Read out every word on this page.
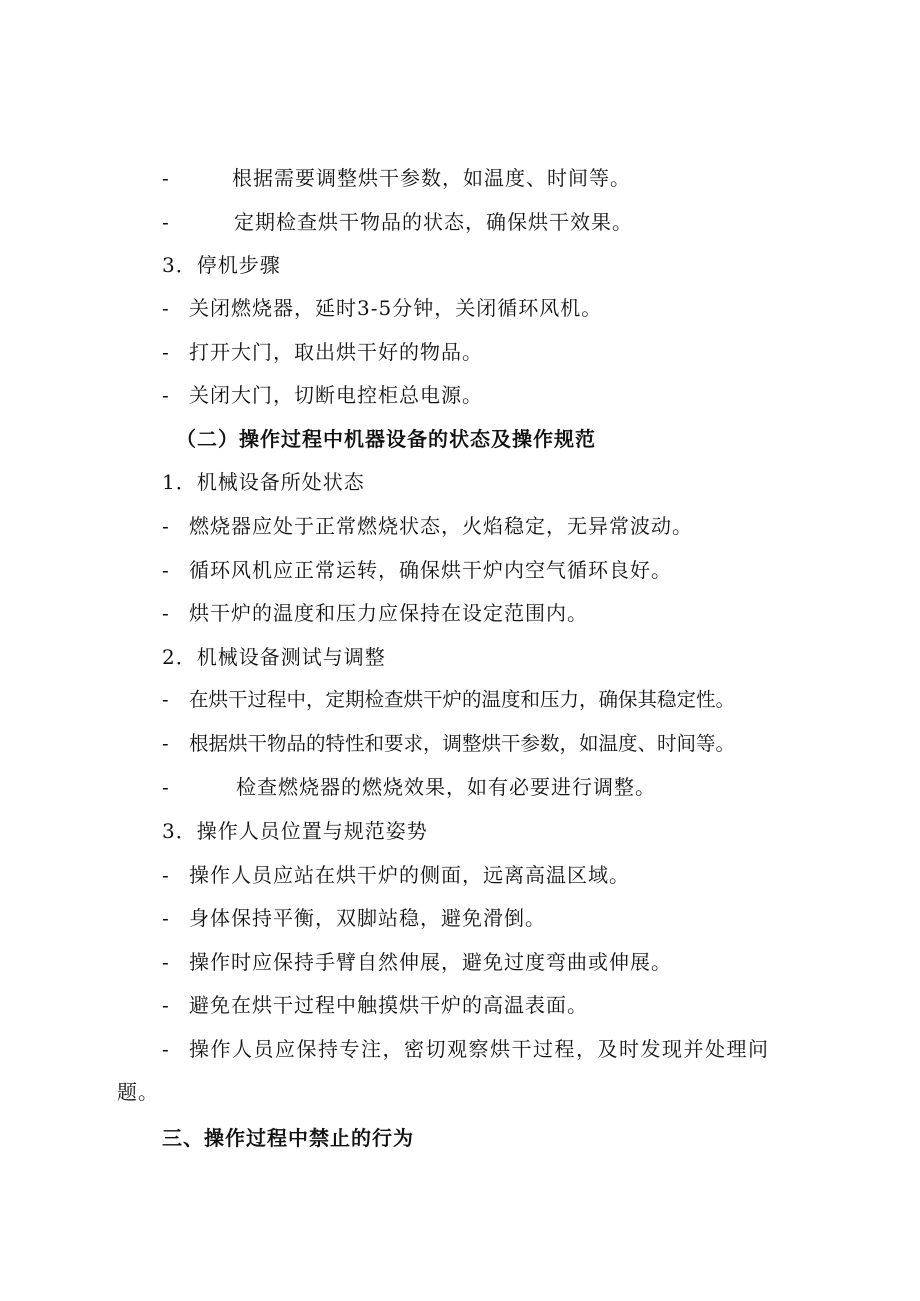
-	根据需要调整烘干参数，如温度、时间等。
-	定期检查烘干物品的状态，确保烘干效果。
3．停机步骤
- 关闭燃烧器，延时3-5分钟，关闭循环风机。
- 打开大门，取出烘干好的物品。
- 关闭大门，切断电控柜总电源。
（二）操作过程中机器设备的状态及操作规范
1．机械设备所处状态
- 燃烧器应处于正常燃烧状态，火焰稳定，无异常波动。
- 循环风机应正常运转，确保烘干炉内空气循环良好。
- 烘干炉的温度和压力应保持在设定范围内。
2．机械设备测试与调整
- 在烘干过程中，定期检查烘干炉的温度和压力，确保其稳定性。
- 根据烘干物品的特性和要求，调整烘干参数，如温度、时间等。
-	检查燃烧器的燃烧效果，如有必要进行调整。
3．操作人员位置与规范姿势
- 操作人员应站在烘干炉的侧面，远离高温区域。
- 身体保持平衡，双脚站稳，避免滑倒。
- 操作时应保持手臂自然伸展，避免过度弯曲或伸展。
- 避免在烘干过程中触摸烘干炉的高温表面。
- 操作人员应保持专注，密切观察烘干过程，及时发现并处理问
题。
三、操作过程中禁止的行为
